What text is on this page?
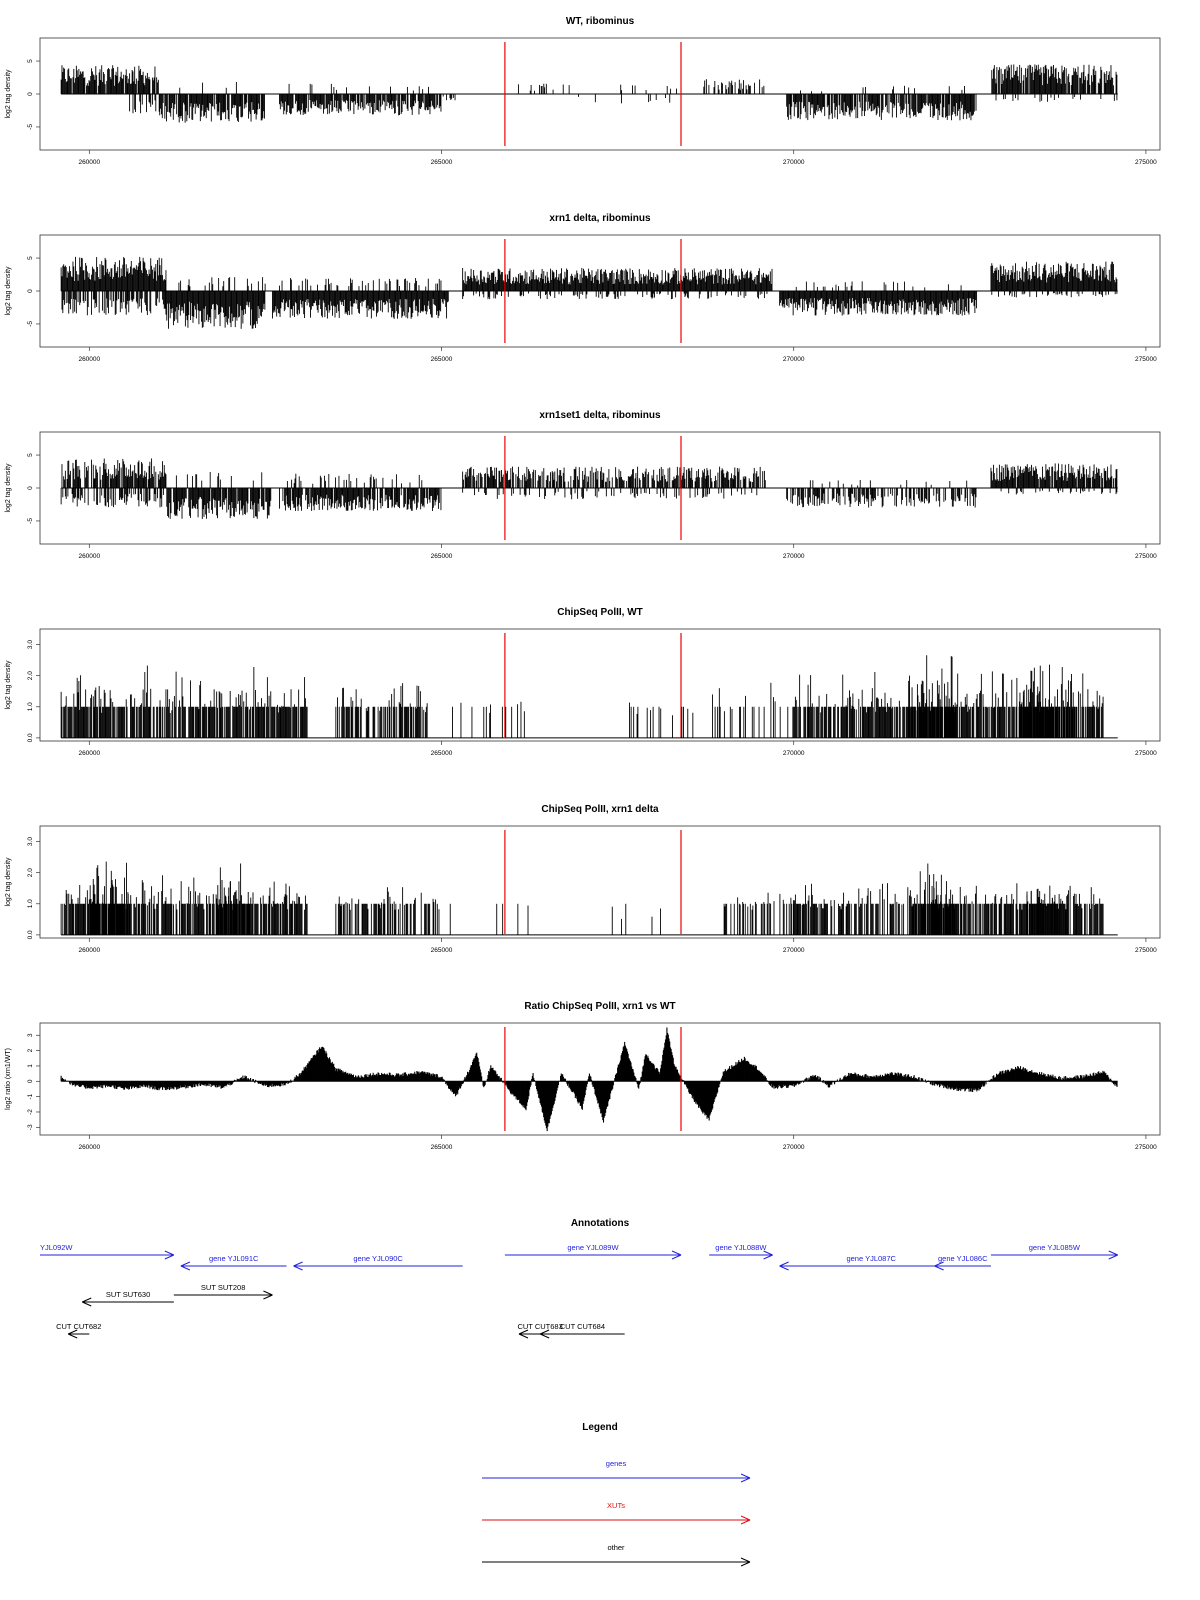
WT, ribominus
-5
0
5
log2 tag density
260000	265000	270000	275000
xrn1 delta, ribominus
-5
0
5
log2 tag density
260000	265000	270000	275000
xrn1set1 delta, ribominus
-5
0
5
log2 tag density
260000	265000	270000	275000
ChipSeq PolII, WT
0.0
1.0
2.0
3.0
log2 tag density
260000	265000	270000	275000
ChipSeq PolII, xrn1 delta
0.0
1.0
2.0
3.0
log2 tag density
260000	265000	270000	275000
Ratio ChipSeq PolII, xrn1 vs WT
-3
-2
-1
0
1
2
3
log2 ratio (xrn1/WT)
260000	265000	270000	275000
Annotations
YJL092W
gene YJL091C	gene YJL090C
gene YJL089W	gene YJL088W
gene YJL087C	gene YJL086C
gene YJL085W
SUT SUT630
SUT SUT208
CUT CUT682	CUT CUT683
CUT CUT684
Legend
genes
XUTs
other
